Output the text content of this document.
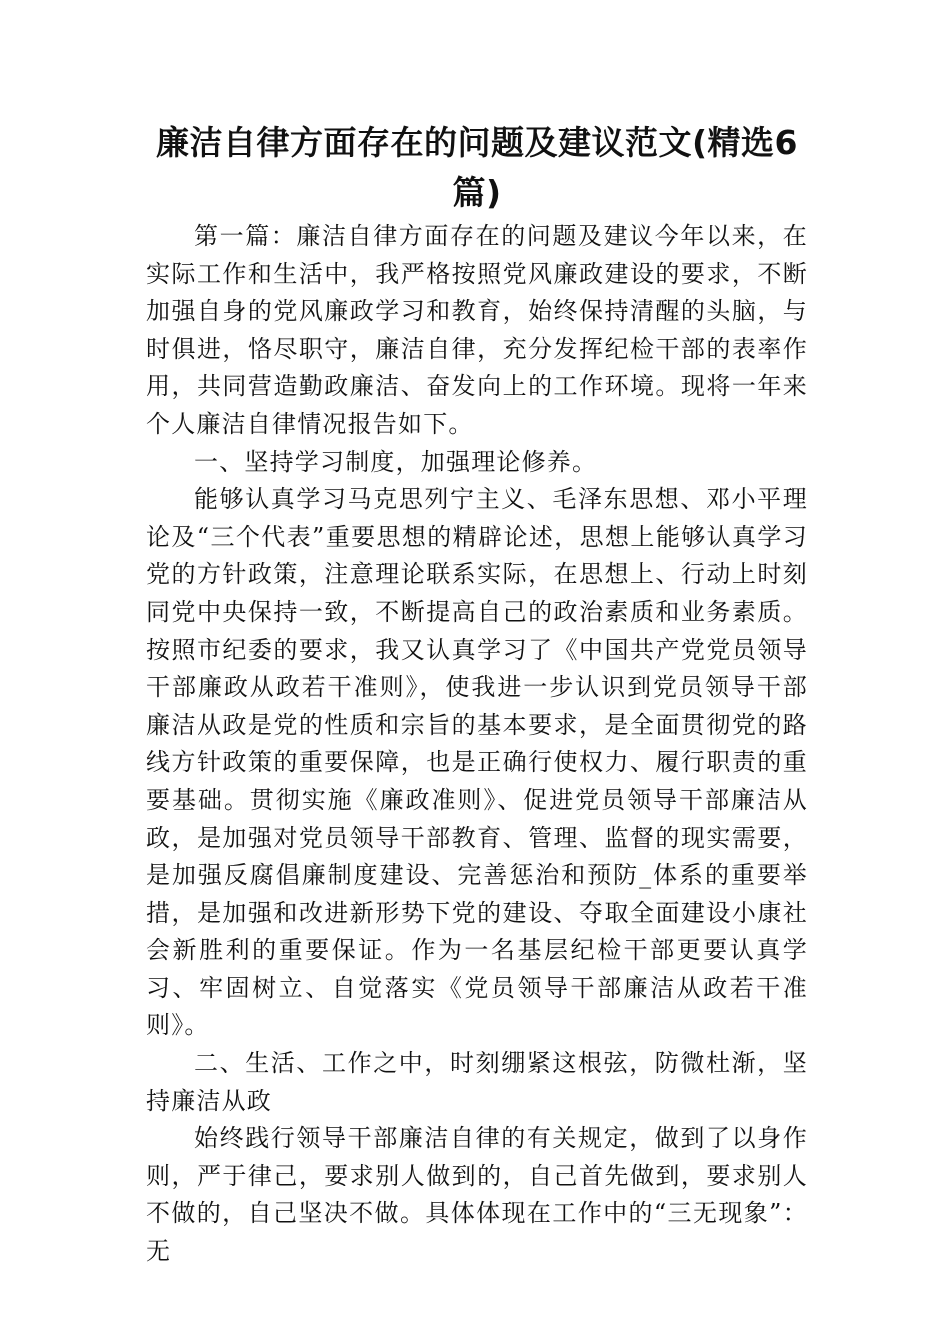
廉洁自律方面存在的问题及建议范文(精选6篇)

第一篇：廉洁自律方面存在的问题及建议今年以来，在实际工作和生活中，我严格按照党风廉政建设的要求，不断加强自身的党风廉政学习和教育，始终保持清醒的头脑，与时俱进，恪尽职守，廉洁自律，充分发挥纪检干部的表率作用，共同营造勤政廉洁、奋发向上的工作环境。现将一年来个人廉洁自律情况报告如下。

一、坚持学习制度，加强理论修养。

能够认真学习马克思列宁主义、毛泽东思想、邓小平理论及“三个代表”重要思想的精辟论述，思想上能够认真学习党的方针政策，注意理论联系实际，在思想上、行动上时刻同党中央保持一致，不断提高自己的政治素质和业务素质。按照市纪委的要求，我又认真学习了《中国共产党党员领导干部廉政从政若干准则》，使我进一步认识到党员领导干部廉洁从政是党的性质和宗旨的基本要求，是全面贯彻党的路线方针政策的重要保障，也是正确行使权力、履行职责的重要基础。贯彻实施《廉政准则》、促进党员领导干部廉洁从政，是加强对党员领导干部教育、管理、监督的现实需要，是加强反腐倡廉制度建设、完善惩治和预防_体系的重要举措，是加强和改进新形势下党的建设、夺取全面建设小康社会新胜利的重要保证。作为一名基层纪检干部更要认真学习、牢固树立、自觉落实《党员领导干部廉洁从政若干准则》。

二、生活、工作之中，时刻绷紧这根弦，防微杜渐，坚持廉洁从政

始终践行领导干部廉洁自律的有关规定，做到了以身作则，严于律己，要求别人做到的，自己首先做到，要求别人不做的，自己坚决不做。具体体现在工作中的“三无现象”：无
